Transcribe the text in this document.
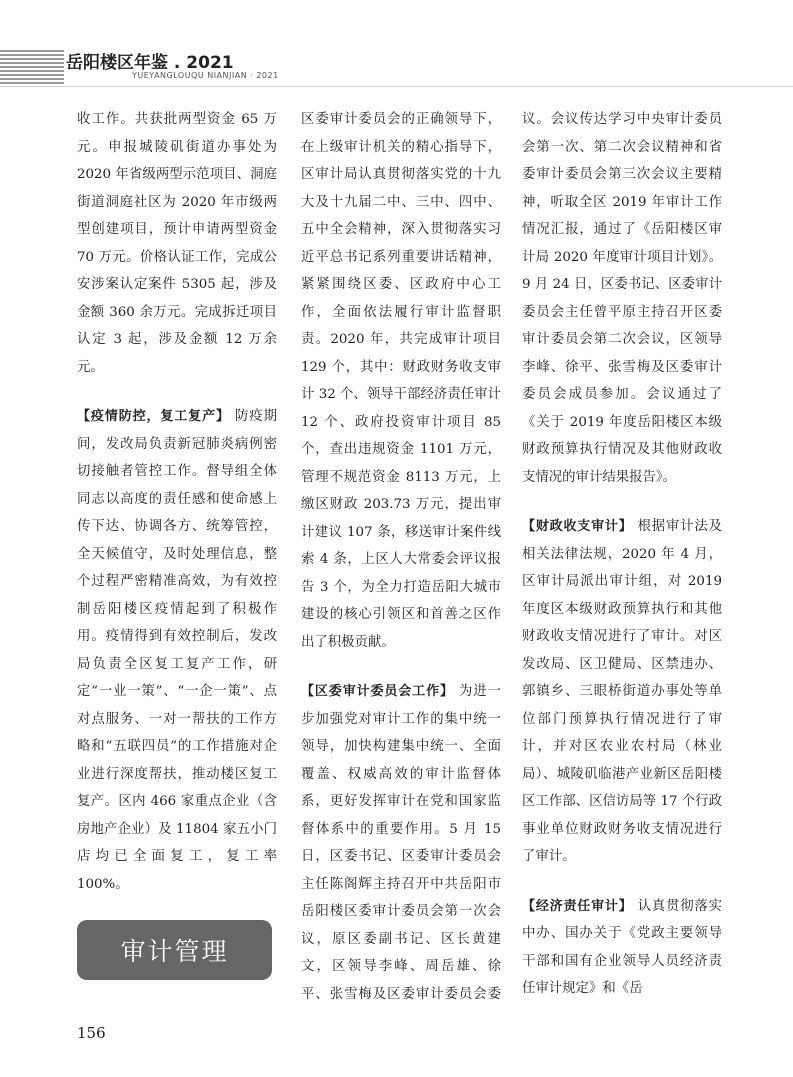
岳阳楼区年鉴 . 2021
YUEYANGLOUQU NIANJIAN · 2021

收工作。共获批两型资金 65 万元。申报城陵矶街道办事处为 2020 年省级两型示范项目、洞庭街道洞庭社区为 2020 年市级两型创建项目，预计申请两型资金 70 万元。价格认证工作，完成公安涉案认定案件 5305 起，涉及金额 360 余万元。完成拆迁项目认定 3 起，涉及金额 12 万余元。

【疫情防控，复工复产】 防疫期间，发改局负责新冠肺炎病例密切接触者管控工作。督导组全体同志以高度的责任感和使命感上传下达、协调各方、统筹管控，全天候值守，及时处理信息，整个过程严密精准高效，为有效控制岳阳楼区疫情起到了积极作用。疫情得到有效控制后，发改局负责全区复工复产工作，研定“一业一策”、“一企一策”、点对点服务、一对一帮扶的工作方略和“五联四员”的工作措施对企业进行深度帮扶，推动楼区复工复产。区内 466 家重点企业（含房地产企业）及 11804 家五小门店均已全面复工，复工率 100%。

审计管理

区委审计委员会的正确领导下，在上级审计机关的精心指导下，区审计局认真贯彻落实党的十九大及十九届二中、三中、四中、五中全会精神，深入贯彻落实习近平总书记系列重要讲话精神，紧紧围绕区委、区政府中心工作，全面依法履行审计监督职责。2020 年，共完成审计项目 129 个，其中：财政财务收支审计 32 个、领导干部经济责任审计 12 个、政府投资审计项目 85 个，查出违规资金 1101 万元，管理不规范资金 8113 万元，上缴区财政 203.73 万元，提出审计建议 107 条，移送审计案件线索 4 条，上区人大常委会评议报告 3 个，为全力打造岳阳大城市建设的核心引领区和首善之区作出了积极贡献。

【区委审计委员会工作】 为进一步加强党对审计工作的集中统一领导，加快构建集中统一、全面覆盖、权威高效的审计监督体系，更好发挥审计在党和国家监督体系中的重要作用。5 月 15 日，区委书记、区委审计委员会主任陈阁辉主持召开中共岳阳市岳阳楼区委审计委员会第一次会议，原区委副书记、区长黄建文，区领导李峰、周岳雄、徐平、张雪梅及区委审计委员会委

议。会议传达学习中央审计委员会第一次、第二次会议精神和省委审计委员会第三次会议主要精神，听取全区 2019 年审计工作情况汇报，通过了《岳阳楼区审计局 2020 年度审计项目计划》。9 月 24 日，区委书记、区委审计委员会主任曾平原主持召开区委审计委员会第二次会议，区领导李峰、徐平、张雪梅及区委审计委员会成员参加。会议通过了《关于 2019 年度岳阳楼区本级财政预算执行情况及其他财政收支情况的审计结果报告》。

【财政收支审计】 根据审计法及相关法律法规，2020 年 4 月，区审计局派出审计组，对 2019 年度区本级财政预算执行和其他财政收支情况进行了审计。对区发改局、区卫健局、区禁违办、郭镇乡、三眼桥街道办事处等单位部门预算执行情况进行了审计，并对区农业农村局（林业局）、城陵矶临港产业新区岳阳楼区工作部、区信访局等 17 个行政事业单位财政财务收支情况进行了审计。

【经济责任审计】 认真贯彻落实中办、国办关于《党政主要领导干部和国有企业领导人员经济责任审计规定》和《岳

156
